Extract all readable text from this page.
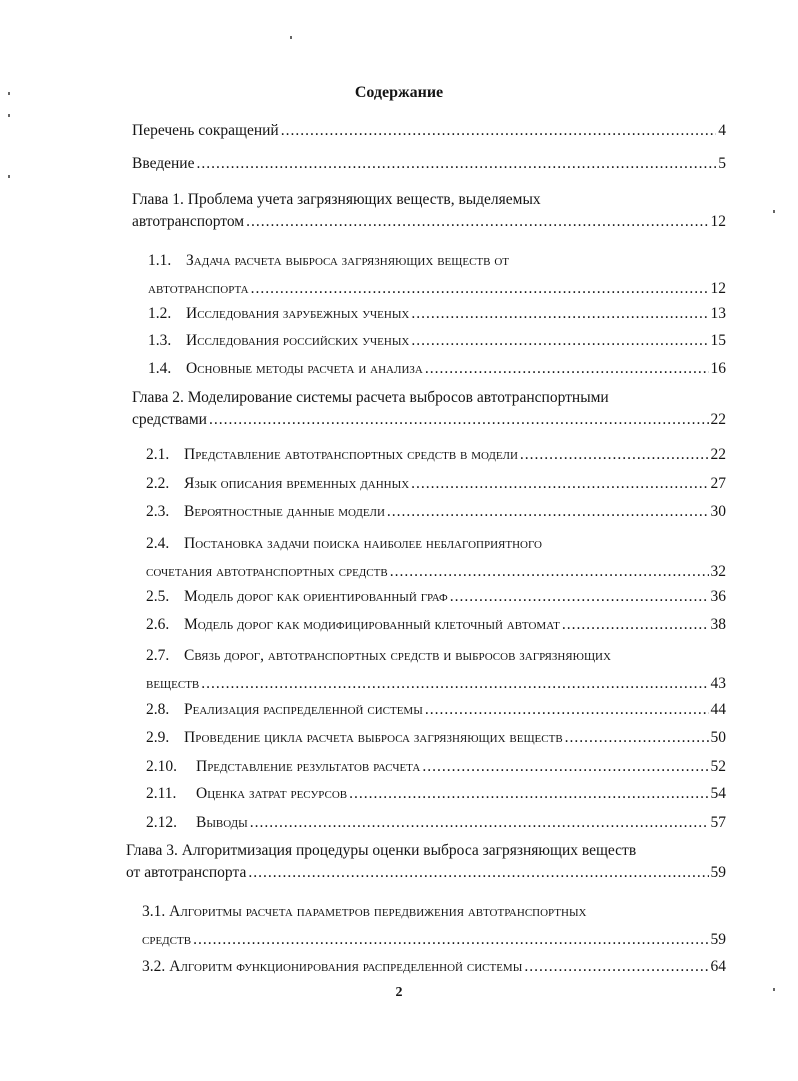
Содержание
Перечень сокращений .....	4
Введение .....	5
Глава 1. Проблема учета загрязняющих веществ, выделяемых
автотранспортом .....	12
1.1. Задача расчета выброса загрязняющих веществ от
автотранспорта .....	12
1.2. Исследования зарубежных ученых .....	13
1.3. Исследования российских ученых .....	15
1.4. Основные методы расчета и анализа .....	16
Глава 2. Моделирование системы расчета выбросов автотранспортными
средствами .....	22
2.1. Представление автотранспортных средств в модели .....	22
2.2. Язык описания временных данных .....	27
2.3. Вероятностные данные модели .....	30
2.4. Постановка задачи поиска наиболее неблагоприятного
сочетания автотранспортных средств .....	32
2.5. Модель дорог как ориентированный граф .....	36
2.6. Модель дорог как модифицированный клеточный автомат .....	38
2.7. Связь дорог, автотранспортных средств и выбросов загрязняющих
веществ .....	43
2.8. Реализация распределенной системы .....	44
2.9. Проведение цикла расчета выброса загрязняющих веществ .....	50
2.10.	Представление результатов расчета .....	52
2.11.	Оценка затрат ресурсов .....	54
2.12.	Выводы .....	57
Глава 3. Алгоритмизация процедуры оценки выброса загрязняющих веществ
от автотранспорта .....	59
3.1. Алгоритмы расчета параметров передвижения автотранспортных
средств .....	59
3.2. Алгоритм функционирования распределенной системы .....	64
2
